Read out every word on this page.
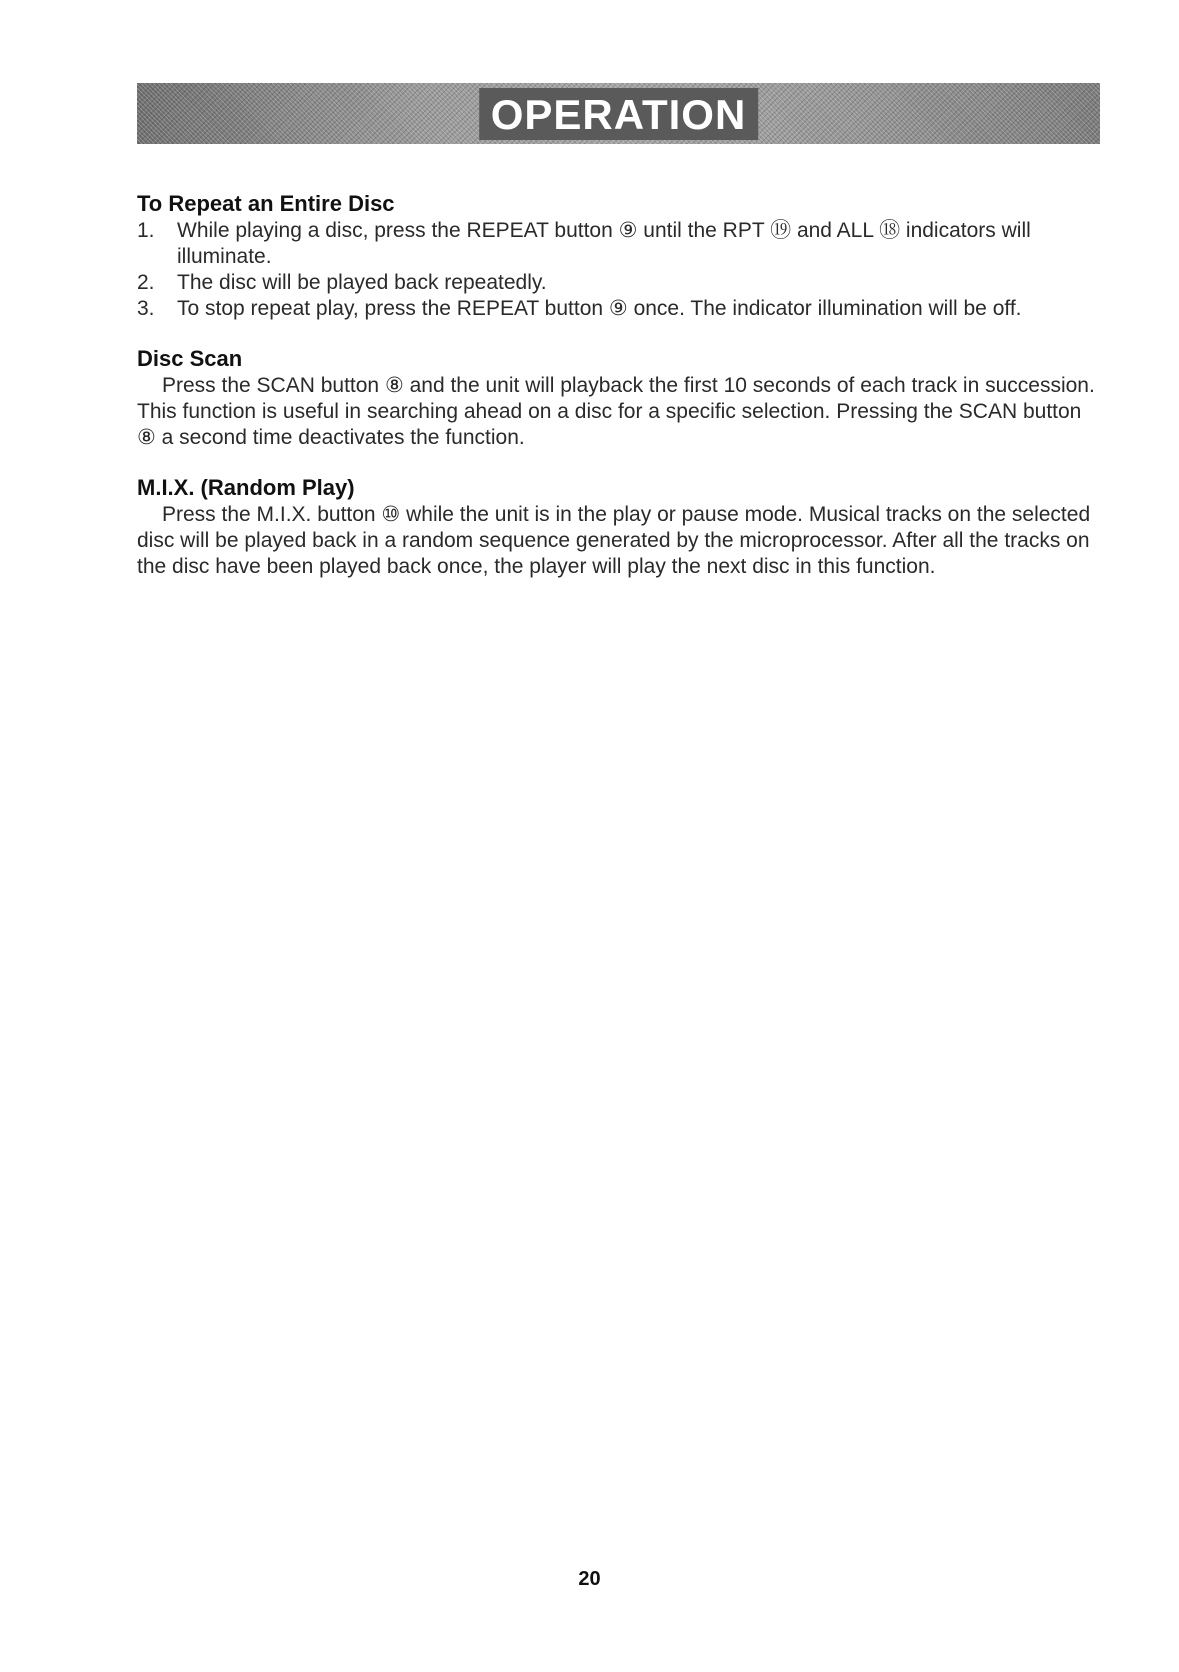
OPERATION
To Repeat an Entire Disc
1. While playing a disc, press the REPEAT button ⑨ until the RPT ⑲ and ALL ⑱ indicators will illuminate.
2. The disc will be played back repeatedly.
3. To stop repeat play, press the REPEAT button ⑨ once. The indicator illumination will be off.
Disc Scan

Press the SCAN button ⑧ and the unit will playback the first 10 seconds of each track in succession. This function is useful in searching ahead on a disc for a specific selection. Pressing the SCAN button ⑧ a second time deactivates the function.

M.I.X. (Random Play)

Press the M.I.X. button ⑩ while the unit is in the play or pause mode. Musical tracks on the selected disc will be played back in a random sequence generated by the microprocessor. After all the tracks on the disc have been played back once, the player will play the next disc in this function.

20
